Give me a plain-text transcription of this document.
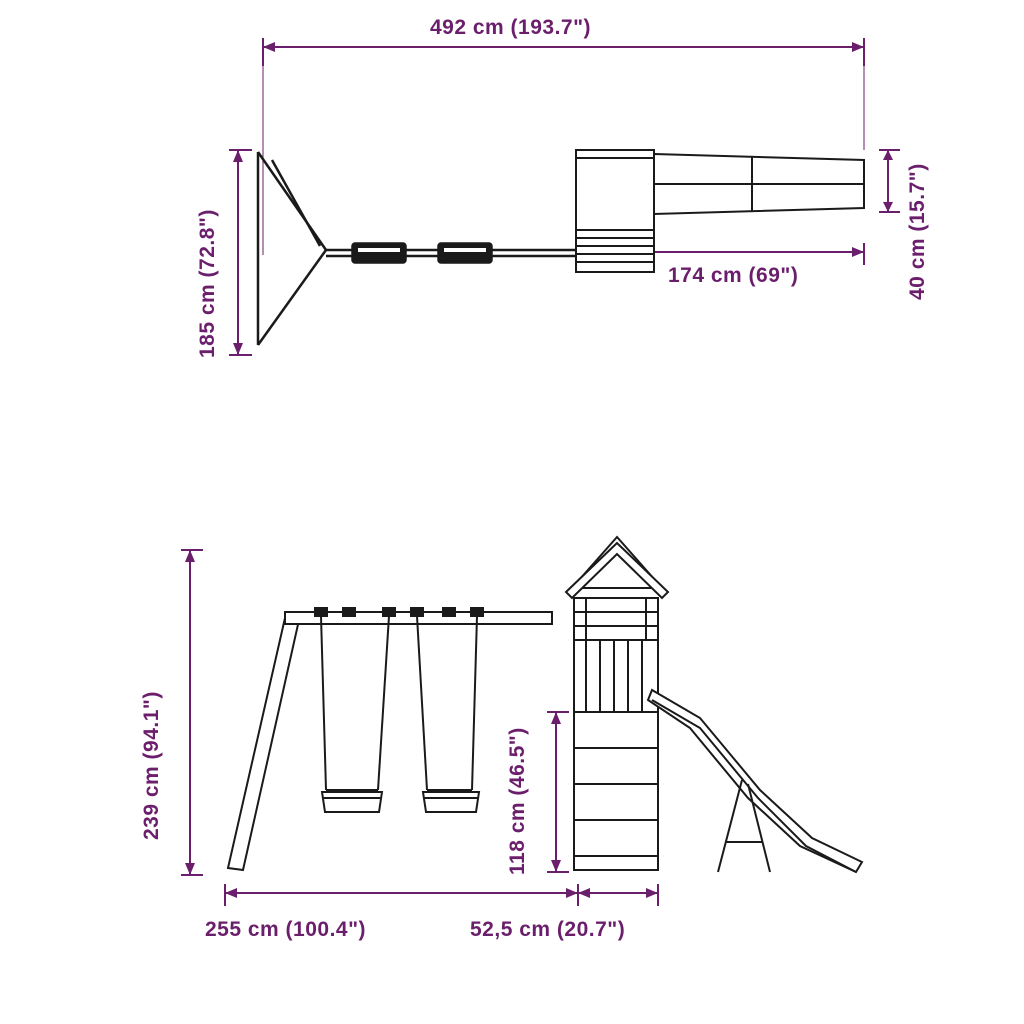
492 cm (193.7")
185 cm (72.8")	40 cm (15.7")
174 cm (69")
239 cm (94.1")	118 cm (46.5")
255 cm (100.4")	52,5 cm (20.7")
